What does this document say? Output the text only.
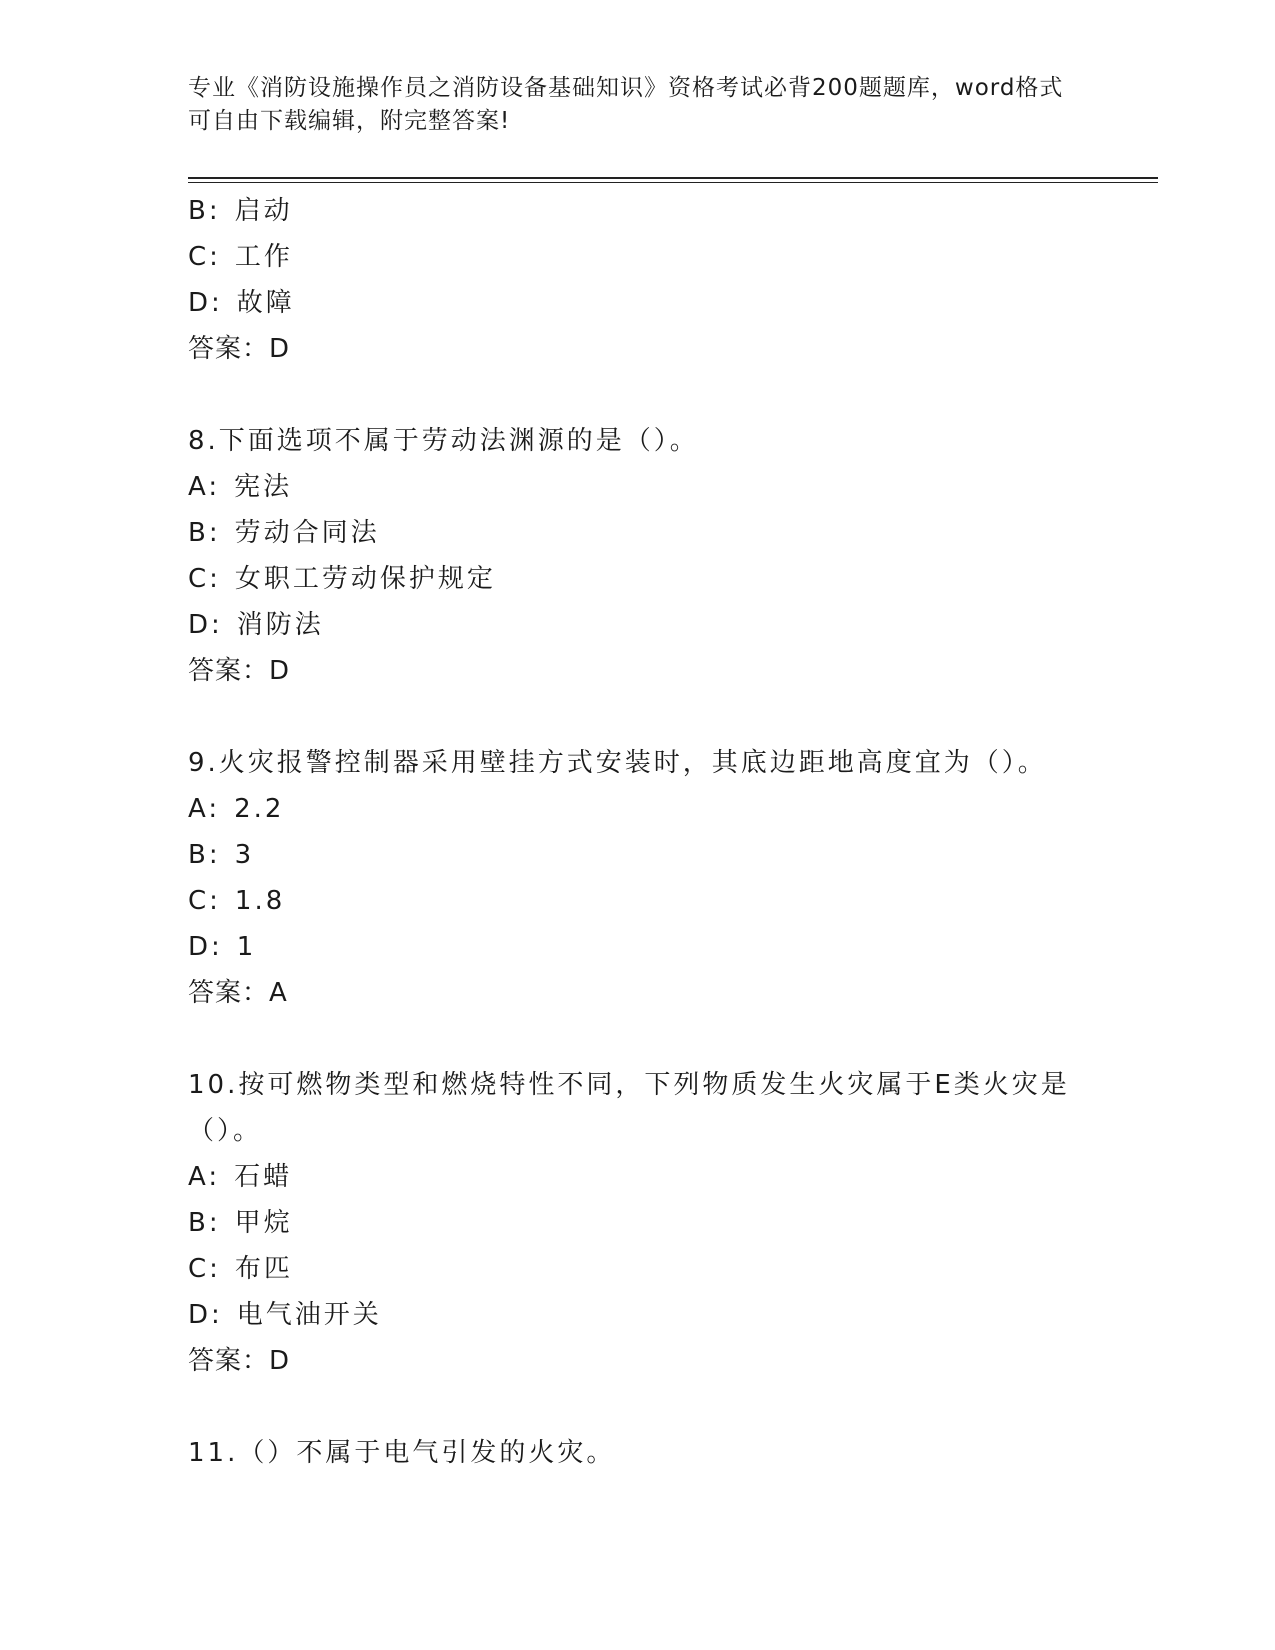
专业《消防设施操作员之消防设备基础知识》资格考试必背200题题库，word格式可自由下载编辑，附完整答案!
B: 启动
C: 工作
D: 故障
答案：D
8.下面选项不属于劳动法渊源的是（）。
A: 宪法
B: 劳动合同法
C: 女职工劳动保护规定
D: 消防法
答案：D
9.火灾报警控制器采用壁挂方式安装时，其底边距地高度宜为（）。
A: 2.2
B: 3
C: 1.8
D: 1
答案：A
10.按可燃物类型和燃烧特性不同，下列物质发生火灾属于E类火灾是（）。
A: 石蜡
B: 甲烷
C: 布匹
D: 电气油开关
答案：D
11.（）不属于电气引发的火灾。
